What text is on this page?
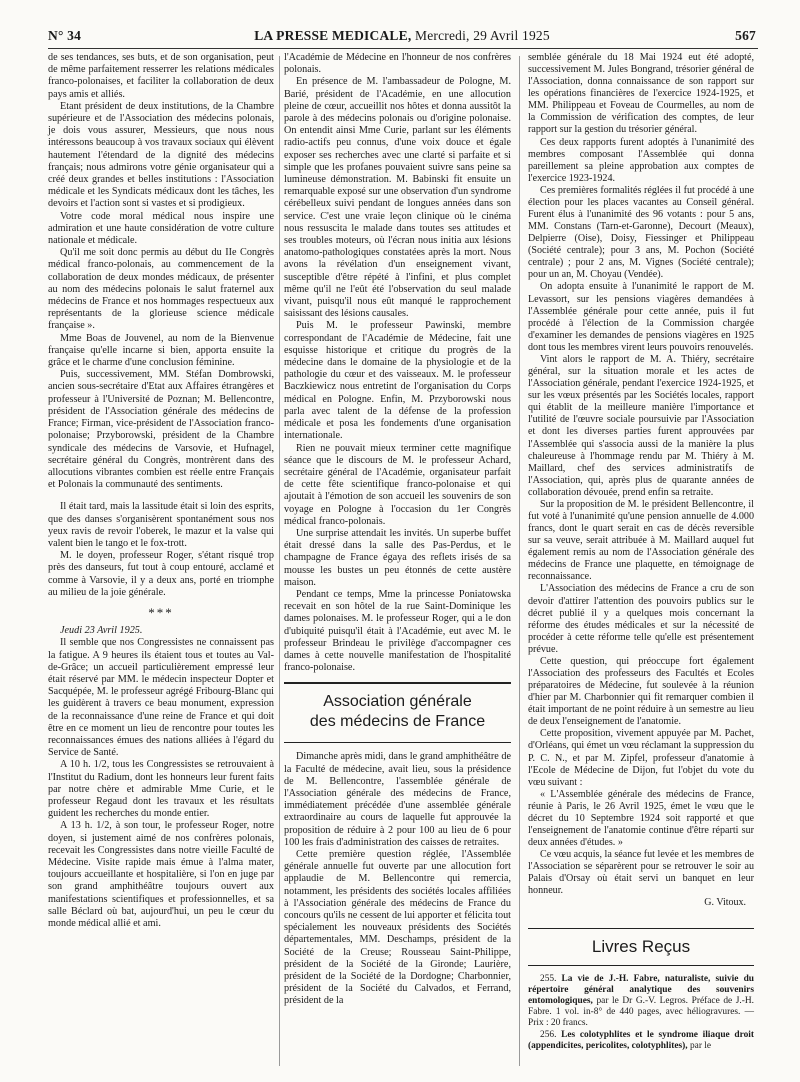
N° 34	LA PRESSE MEDICALE, Mercredi, 29 Avril 1925	567

de ses tendances, ses buts, et de son organisation, peut de même parfaitement resserrer les relations médicales franco-polonaises, et faciliter la collaboration de deux pays amis et alliés.

Etant président de deux institutions, de la Chambre supérieure et de l'Association des médecins polonais, je dois vous assurer, Messieurs, que nous nous intéressons beaucoup à vos travaux sociaux qui élèvent hautement l'étendard de la dignité des médecins français; nous admirons votre génie organisateur qui a créé deux grandes et belles institutions : l'Association médicale et les Syndicats médicaux dont les tâches, les devoirs et l'action sont si vastes et si prodigieux.

Votre code moral médical nous inspire une admiration et une haute considération de votre culture nationale et médicale.

Qu'il me soit donc permis au début du IIe Congrès médical franco-polonais, au commencement de la collaboration de deux mondes médicaux, de présenter au nom des médecins polonais le salut fraternel aux médecins de France et nos hommages respectueux aux représentants de la glorieuse science médicale française ».

Mme Boas de Jouvenel, au nom de la Bienvenue française qu'elle incarne si bien, apporta ensuite la grâce et le charme d'une conclusion féminine.

Puis, successivement, MM. Stéfan Dombrowski, ancien sous-secrétaire d'Etat aux Affaires étrangères et professeur à l'Université de Poznan; M. Bellencontre, président de l'Association générale des médecins de France; Firman, vice-président de l'Association franco-polonaise; Przyborowski, président de la Chambre syndicale des médecins de Varsovie, et Hufnagel, secrétaire général du Congrès, montrèrent dans des allocutions vibrantes combien est réelle entre Français et Polonais la communauté des sentiments.

Il était tard, mais la lassitude était si loin des esprits, que des danses s'organisèrent spontanément sous nos yeux ravis de revoir l'oberek, le mazur et la valse qui valent bien le tango et le fox-trott.

M. le doyen, professeur Roger, s'étant risqué trop près des danseurs, fut tout à coup entouré, acclamé et comme à Varsovie, il y a deux ans, porté en triomphe au milieu de la joie générale.

***

Jeudi 23 Avril 1925.

Il semble que nos Congressistes ne connaissent pas la fatigue. A 9 heures ils étaient tous et toutes au Val-de-Grâce; un accueil particulièrement empressé leur était réservé par MM. le médecin inspecteur Dopter et Sacquépée, M. le professeur agrégé Fribourg-Blanc qui les guidèrent à travers ce beau monument, expression de la reconnaissance d'une reine de France et qui doit être en ce moment un lieu de rencontre pour toutes les reconnaissances émues des nations alliées à l'égard du Service de Santé.

A 10 h. 1/2, tous les Congressistes se retrouvaient à l'Institut du Radium, dont les honneurs leur furent faits par notre chère et admirable Mme Curie, et le professeur Regaud dont les travaux et les résultats guident les recherches du monde entier.

A 13 h. 1/2, à son tour, le professeur Roger, notre doyen, si justement aimé de nos confrères polonais, recevait les Congressistes dans notre vieille Faculté de Médecine. Visite rapide mais émue à l'alma mater, toujours accueillante et hospitalière, si l'on en juge par son grand amphithéâtre toujours ouvert aux manifestations scientifiques et professionnelles, et sa salle Béclard où bat, aujourd'hui, un peu le cœur du monde médical allié et ami.

l'Académie de Médecine en l'honneur de nos confrères polonais.

En présence de M. l'ambassadeur de Pologne, M. Barié, président de l'Académie, en une allocution pleine de cœur, accueillit nos hôtes et donna aussitôt la parole à des médecins polonais ou d'origine polonaise. On entendit ainsi Mme Curie, parlant sur les éléments radio-actifs peu connus, d'une voix douce et égale exposer ses recherches avec une clarté si parfaite et si simple que les profanes pouvaient suivre sans peine sa lumineuse démonstration. M. Babinski fit ensuite un remarquable exposé sur une observation d'un syndrome cérébelleux suivi pendant de longues années dans son service. C'est une vraie leçon clinique où le cinéma nous ressuscita le malade dans toutes ses attitudes et ses troubles moteurs, où l'écran nous initia aux lésions anatomo-pathologiques constatées après la mort. Nous avons la révélation d'un enseignement vivant, susceptible d'être répété à l'infini, et plus complet même qu'il ne l'eût été l'observation du seul malade vivant, puisqu'il nous eût manqué le rapprochement saisissant des lésions causales.

Puis M. le professeur Pawinski, membre correspondant de l'Académie de Médecine, fait une esquisse historique et critique du progrès de la médecine dans le domaine de la physiologie et de la pathologie du cœur et des vaisseaux. M. le professeur Baczkiewicz nous entretint de l'organisation du Corps médical en Pologne. Enfin, M. Przyborowski nous parla avec talent de la défense de la profession médicale et posa les fondements d'une organisation internationale.

Rien ne pouvait mieux terminer cette magnifique séance que le discours de M. le professeur Achard, secrétaire général de l'Académie, organisateur parfait de cette fête scientifique franco-polonaise et qui ajoutait à l'émotion de son accueil les souvenirs de son voyage en Pologne à l'occasion du 1er Congrès médical franco-polonais.

Une surprise attendait les invités. Un superbe buffet était dressé dans la salle des Pas-Perdus, et le champagne de France égaya des reflets irisés de sa mousse les bustes un peu étonnés de cette austère maison.

Pendant ce temps, Mme la princesse Poniatowska recevait en son hôtel de la rue Saint-Dominique les dames polonaises. M. le professeur Roger, qui a le don d'ubiquité puisqu'il était à l'Académie, eut avec M. le professeur Brindeau le privilège d'accompagner ces dames à cette nouvelle manifestation de l'hospitalité franco-polonaise.

Association générale
des médecins de France

Dimanche après midi, dans le grand amphithéâtre de la Faculté de médecine, avait lieu, sous la présidence de M. Bellencontre, l'assemblée générale de l'Association générale des médecins de France, immédiatement précédée d'une assemblée générale extraordinaire au cours de laquelle fut approuvée la proposition de réduire à 2 pour 100 au lieu de 6 pour 100 les frais d'administration des caisses de retraites.

Cette première question réglée, l'Assemblée générale annuelle fut ouverte par une allocution fort applaudie de M. Bellencontre qui remercia, notamment, les présidents des sociétés locales affiliées à l'Association générale des médecins de France du concours qu'ils ne cessent de lui apporter et félicita tout spécialement les nouveaux présidents des Sociétés départementales, MM. Deschamps, président de la Société de la Creuse; Rousseau Saint-Philippe, président de la Société de la Gironde; Laurière, président de la Société de la Dordogne; Charbonnier, président de la Société du Calvados, et Ferrand, président de la

semblée générale du 18 Mai 1924 eut été adopté, successivement M. Jules Bongrand, trésorier général de l'Association, donna connaissance de son rapport sur les opérations financières de l'exercice 1924-1925, et MM. Philippeau et Foveau de Courmelles, au nom de la Commission de vérification des comptes, de leur rapport sur la gestion du trésorier général.

Ces deux rapports furent adoptés à l'unanimité des membres composant l'Assemblée qui donna pareillement sa pleine approbation aux comptes de l'exercice 1923-1924.

Ces premières formalités réglées il fut procédé à une élection pour les places vacantes au Conseil général. Furent élus à l'unanimité des 96 votants : pour 5 ans, MM. Constans (Tarn-et-Garonne), Decourt (Meaux), Delpierre (Oise), Doisy, Fiessinger et Philippeau (Société centrale); pour 3 ans, M. Pochon (Société centrale) ; pour 2 ans, M. Vignes (Société centrale); pour un an, M. Choyau (Vendée).

On adopta ensuite à l'unanimité le rapport de M. Levassort, sur les pensions viagères demandées à l'Assemblée générale pour cette année, puis il fut procédé à l'élection de la Commission chargée d'examiner les demandes de pensions viagères en 1925 dont tous les membres virent leurs pouvoirs renouvelés.

Vint alors le rapport de M. A. Thiéry, secrétaire général, sur la situation morale et les actes de l'Association générale, pendant l'exercice 1924-1925, et sur les vœux présentés par les Sociétés locales, rapport qui établit de la meilleure manière l'importance et l'utilité de l'œuvre sociale poursuivie par l'Association et dont les diverses parties furent approuvées par l'Assemblée qui s'associa aussi de la manière la plus chaleureuse à l'hommage rendu par M. Thiéry à M. Maillard, chef des services administratifs de l'Association, qui, après plus de quarante années de collaboration dévouée, prend enfin sa retraite.

Sur la proposition de M. le président Bellencontre, il fut voté à l'unanimité qu'une pension annuelle de 4.000 francs, dont le quart serait en cas de décès reversible sur sa veuve, serait attribuée à M. Maillard auquel fut également remis au nom de l'Association générale des médecins de France une plaquette, en témoignage de reconnaissance.

L'Association des médecins de France a cru de son devoir d'attirer l'attention des pouvoirs publics sur le décret publié il y a quelques mois concernant la réforme des études médicales et sur la nécessité de procéder à cette réforme telle qu'elle est présentement prévue.

Cette question, qui préoccupe fort également l'Association des professeurs des Facultés et Ecoles préparatoires de Médecine, fut soulevée à la réunion d'hier par M. Charbonnier qui fit remarquer combien il était important de ne point réduire à un semestre au lieu de deux l'enseignement de l'anatomie.

Cette proposition, vivement appuyée par M. Pachet, d'Orléans, qui émet un vœu réclamant la suppression du P. C. N., et par M. Zipfel, professeur d'anatomie à l'Ecole de Médecine de Dijon, fut l'objet du vote du vœu suivant :

« L'Assemblée générale des médecins de France, réunie à Paris, le 26 Avril 1925, émet le vœu que le décret du 10 Septembre 1924 soit rapporté et que l'enseignement de l'anatomie continue d'être réparti sur deux années d'études. »

Ce vœu acquis, la séance fut levée et les membres de l'Association se séparèrent pour se retrouver le soir au Palais d'Orsay où était servi un banquet en leur honneur.

G. Vitoux.

Livres Reçus

255. La vie de J.-H. Fabre, naturaliste, suivie du répertoire général analytique des souvenirs entomologiques, par le Dr G.-V. Legros. Préface de J.-H. Fabre. 1 vol. in-8° de 440 pages, avec héliogravures. — Prix : 20 francs.

256. Les colotyphlites et le syndrome iliaque droit (appendicites, pericolites, colotyphlites), par le
